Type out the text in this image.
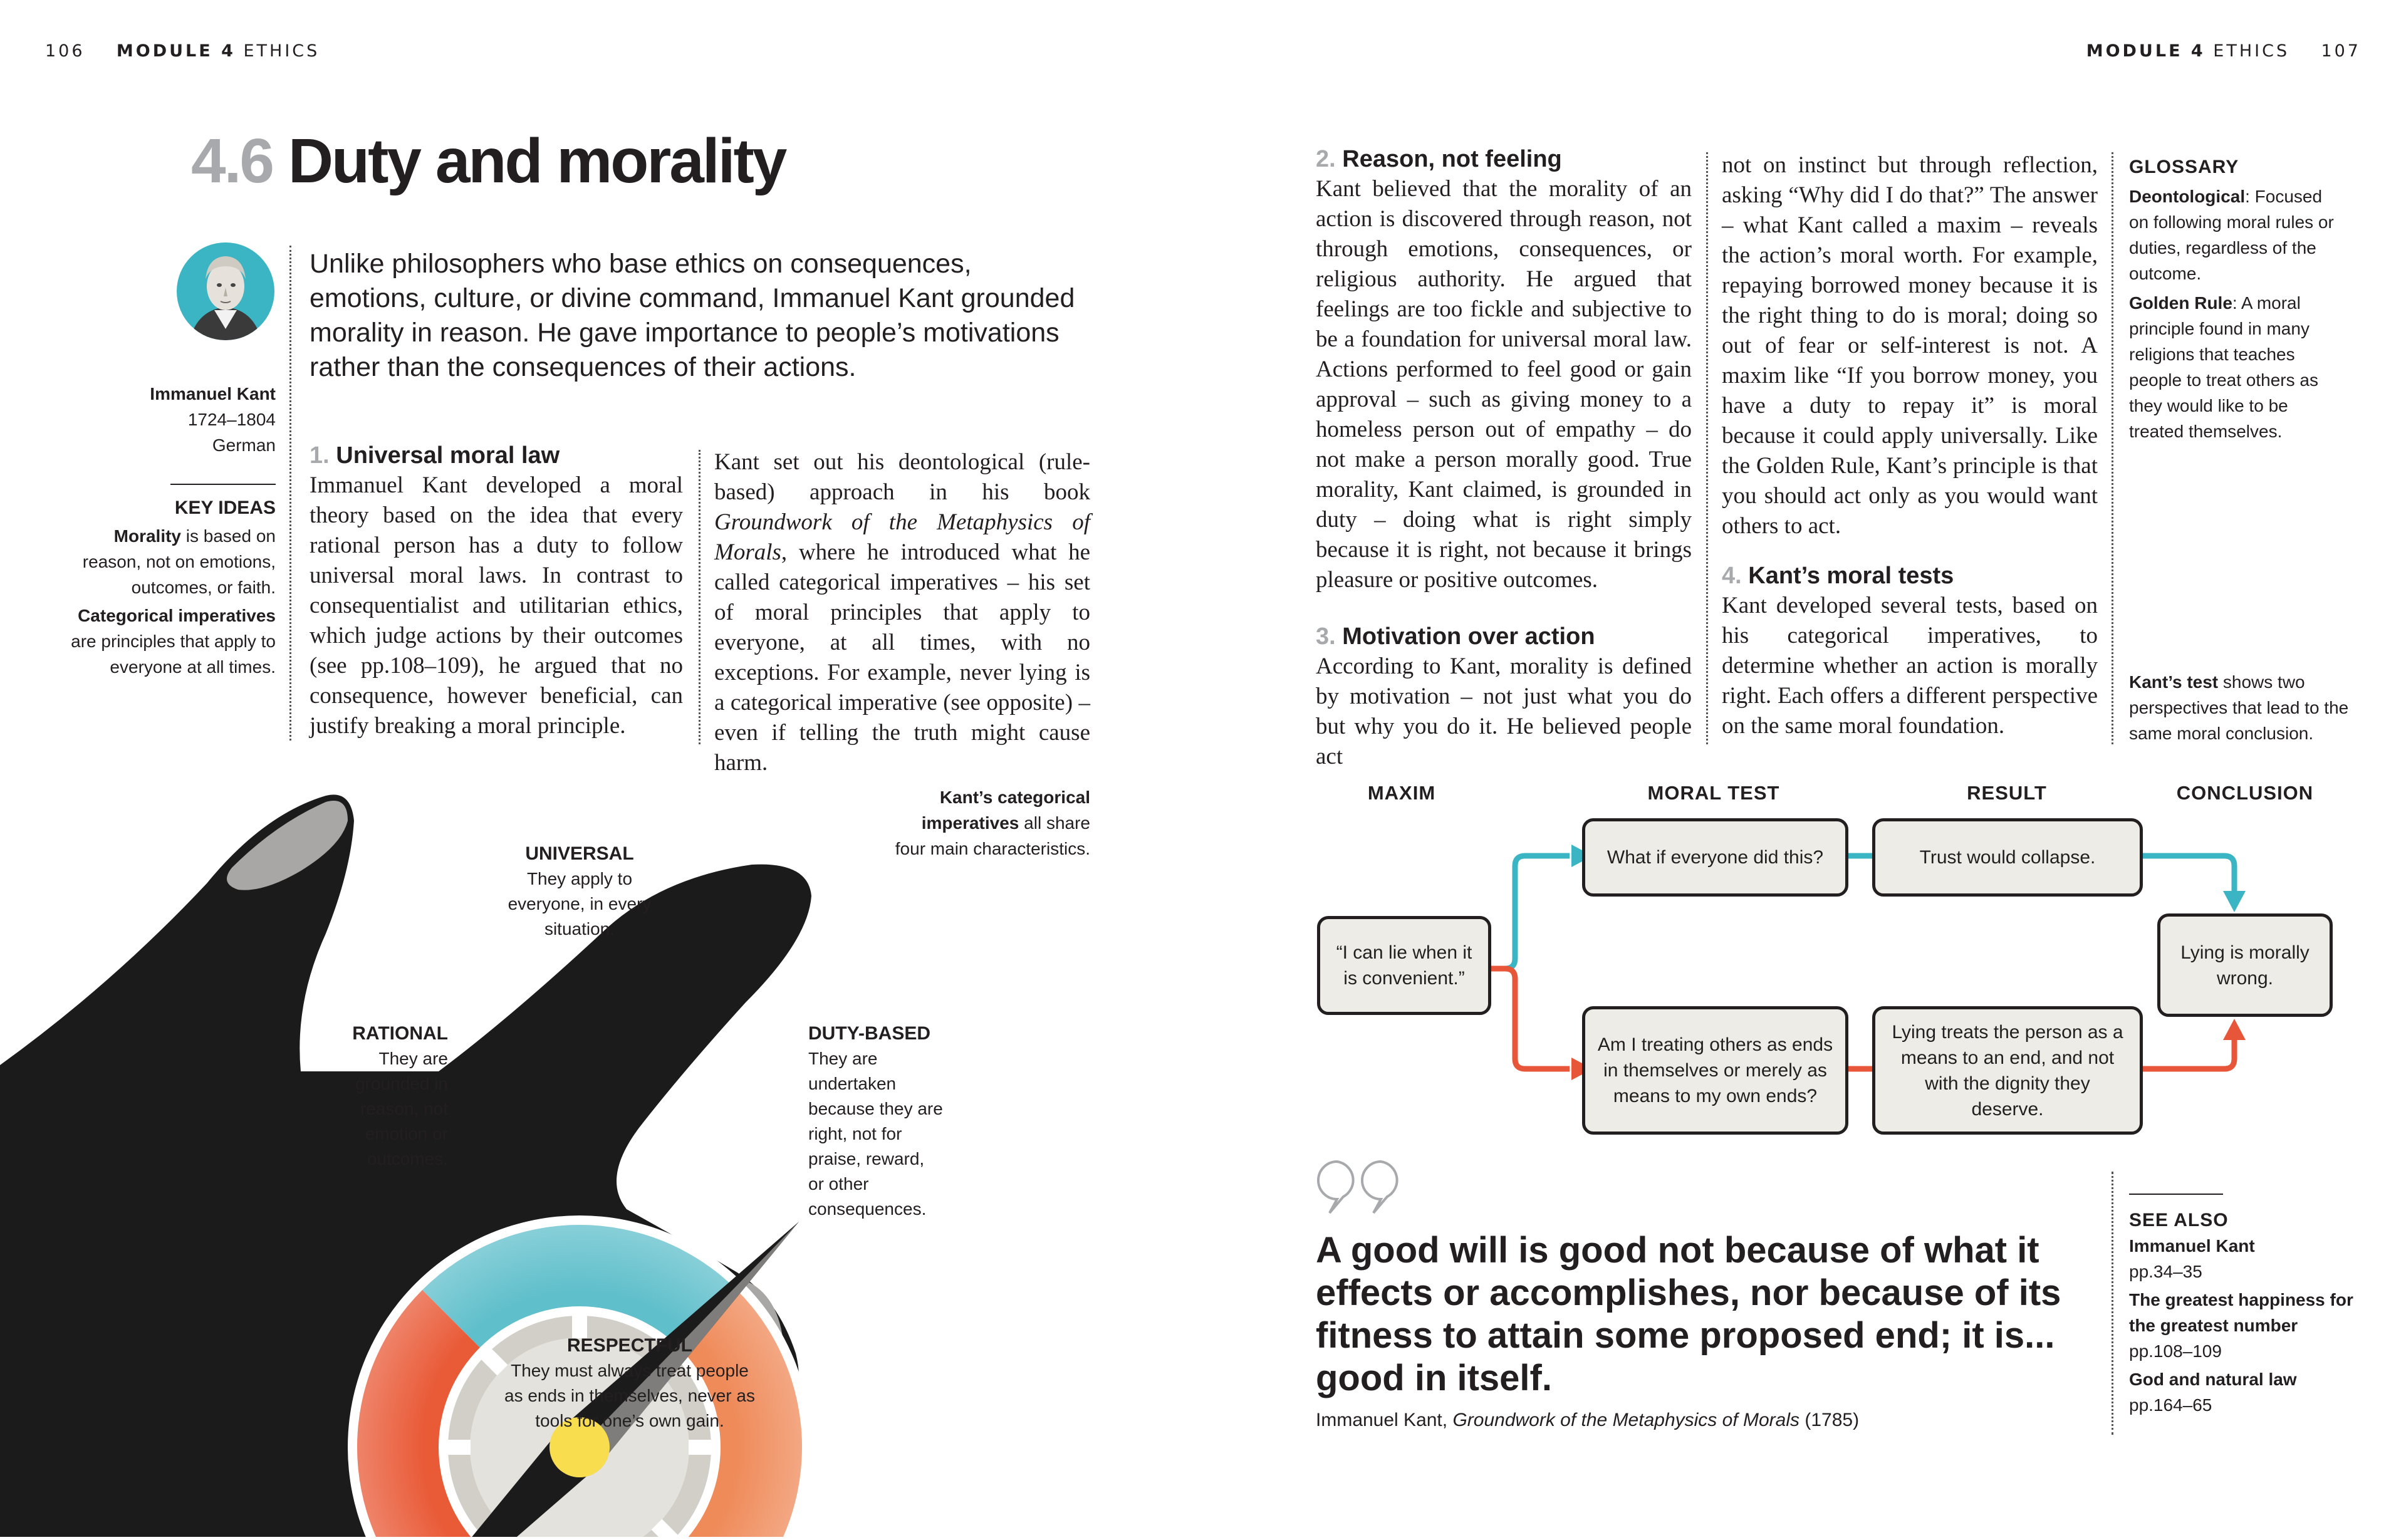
106 MODULE 4 ETHICS	MODULE 4 ETHICS 107
4.6 Duty and morality
Immanuel Kant
1724–1804
German
KEY IDEAS
Morality is based on reason, not on emotions, outcomes, or faith.
Categorical imperatives are principles that apply to everyone at all times.
Unlike philosophers who base ethics on consequences, emotions, culture, or divine command, Immanuel Kant grounded morality in reason. He gave importance to people’s motivations rather than the consequences of their actions.
1. Universal moral law
Immanuel Kant developed a moral theory based on the idea that every rational person has a duty to follow universal moral laws. In contrast to consequentialist and utilitarian ethics, which judge actions by their outcomes (see pp.108–109), he argued that no consequence, however beneficial, can justify breaking a moral principle.
Kant set out his deontological (rule-based) approach in his book Groundwork of the Metaphysics of Morals, where he introduced what he called categorical imperatives – his set of moral principles that apply to everyone, at all times, with no exceptions. For example, never lying is a categorical imperative (see opposite) – even if telling the truth might cause harm.
UNIVERSAL
They apply to everyone, in every situation.
DUTY-BASED
They are undertaken because they are right, not for praise, reward, or other consequences.
RESPECTFUL
They must always treat people as ends in themselves, never as tools for one’s own gain.
RATIONAL
They are grounded in reason, not emotion or outcomes.
Kant’s categorical imperatives all share four main characteristics.
2. Reason, not feeling
Kant believed that the morality of an action is discovered through reason, not through emotions, consequences, or religious authority. He argued that feelings are too fickle and subjective to be a foundation for universal moral law. Actions performed to feel good or gain approval – such as giving money to a homeless person out of empathy – do not make a person morally good. True morality, Kant claimed, is grounded in duty – doing what is right simply because it is right, not because it brings pleasure or positive outcomes.
3. Motivation over action
According to Kant, morality is defined by motivation – not just what you do but why you do it. He believed people act
not on instinct but through reflection, asking “Why did I do that?” The answer – what Kant called a maxim – reveals the action’s moral worth. For example, repaying borrowed money because it is the right thing to do is moral; doing so out of fear or self-interest is not. A maxim like “If you borrow money, you have a duty to repay it” is moral because it could apply universally. Like the Golden Rule, Kant’s principle is that you should act only as you would want others to act.
4. Kant’s moral tests
Kant developed several tests, based on his categorical imperatives, to determine whether an action is morally right. Each offers a different perspective on the same moral foundation.
GLOSSARY
Deontological: Focused on following moral rules or duties, regardless of the outcome.
Golden Rule: A moral principle found in many religions that teaches people to treat others as they would like to be treated themselves.
Kant’s test shows two perspectives that lead to the same moral conclusion.
MAXIM	MORAL TEST	RESULT	CONCLUSION
“I can lie when it is convenient.”
What if everyone did this?	Trust would collapse.
Am I treating others as ends in themselves or merely as means to my own ends?
Lying treats the person as a means to an end, and not with the dignity they deserve.
Lying is morally wrong.
A good will is good not because of what it effects or accomplishes, nor because of its fitness to attain some proposed end; it is... good in itself.
Immanuel Kant, Groundwork of the Metaphysics of Morals (1785)
SEE ALSO
Immanuel Kant
pp.34–35
The greatest happiness for the greatest number
pp.108–109
God and natural law
pp.164–65
